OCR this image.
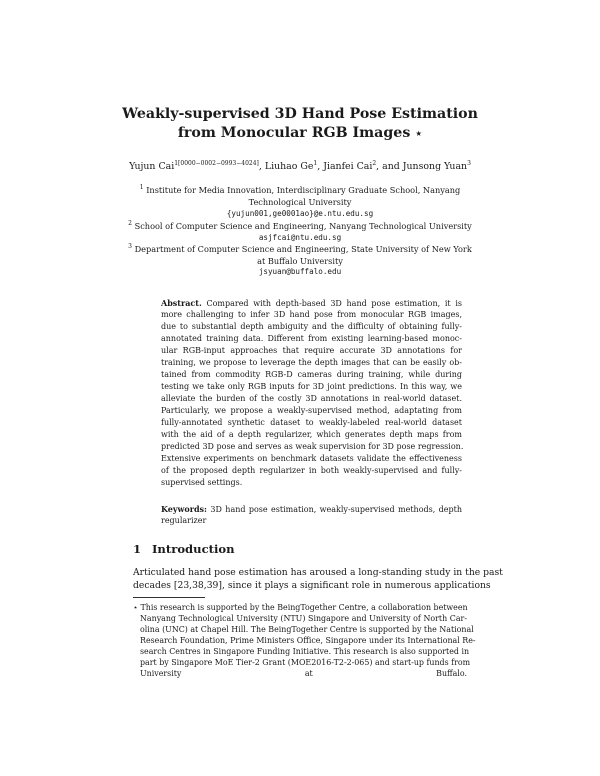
Weakly-supervised 3D Hand Pose Estimation
from Monocular RGB Images ⋆
Yujun Cai$^{1[0000-0002-0993-4024]}$, Liuhao Ge$^1$, Jianfei Cai$^2$, and Junsong Yuan$^3$
$^1$ Institute for Media Innovation, Interdisciplinary Graduate School, Nanyang
Technological University
{yujun001,ge0001ao}@e.ntu.edu.sg
$^2$ School of Computer Science and Engineering, Nanyang Technological University
asjfcai@ntu.edu.sg
$^3$ Department of Computer Science and Engineering, State University of New York
at Buffalo University
jsyuan@buffalo.edu
Abstract. Compared with depth-based 3D hand pose estimation, it is
more challenging to infer 3D hand pose from monocular RGB images,
due to substantial depth ambiguity and the difficulty of obtaining fully-
annotated training data. Different from existing learning-based monoc-
ular RGB-input approaches that require accurate 3D annotations for
training, we propose to leverage the depth images that can be easily ob-
tained from commodity RGB-D cameras during training, while during
testing we take only RGB inputs for 3D joint predictions. In this way, we
alleviate the burden of the costly 3D annotations in real-world dataset.
Particularly, we propose a weakly-supervised method, adaptating from
fully-annotated synthetic dataset to weakly-labeled real-world dataset
with the aid of a depth regularizer, which generates depth maps from
predicted 3D pose and serves as weak supervision for 3D pose regression.
Extensive experiments on benchmark datasets validate the effectiveness
of the proposed depth regularizer in both weakly-supervised and fully-
supervised settings.
Keywords: 3D hand pose estimation, weakly-supervised methods, depth
regularizer
1 Introduction
Articulated hand pose estimation has aroused a long-standing study in the past
decades [23,38,39], since it plays a significant role in numerous applications
⋆ This research is supported by the BeingTogether Centre, a collaboration between
Nanyang Technological University (NTU) Singapore and University of North Car-
olina (UNC) at Chapel Hill. The BeingTogether Centre is supported by the National
Research Foundation, Prime Ministers Office, Singapore under its International Re-
search Centres in Singapore Funding Initiative. This research is also supported in
part by Singapore MoE Tier-2 Grant (MOE2016-T2-2-065) and start-up funds from
University at Buffalo.
